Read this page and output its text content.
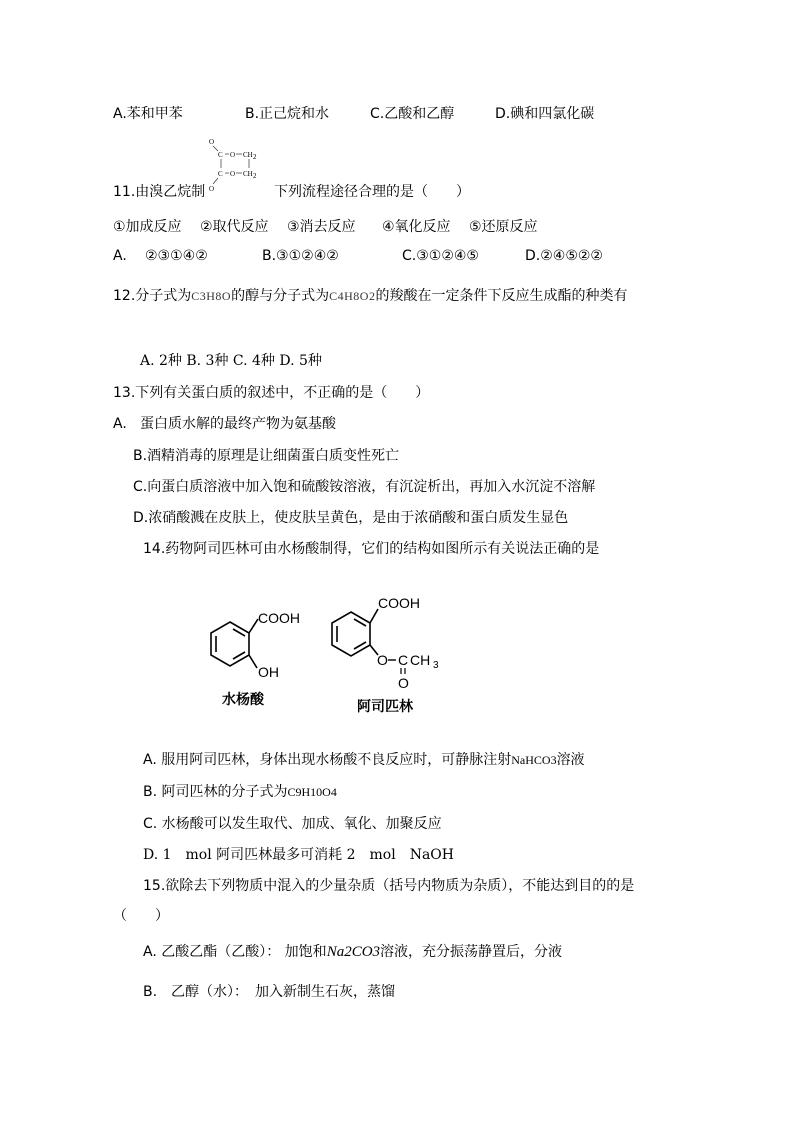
A.苯和甲苯	B.正己烷和水	C.乙酸和乙醇	D.碘和四氯化碳
11.由溴乙烷制
O
C O CH 2
C O CH 2
O	下列流程途径合理的是（　　）
①加成反应 ②取代反应 ③消去反应 ④氧化反应 ⑤还原反应
A. ②③①④②	B.③①②④②	C.③①②④⑤	D.②④⑤②②
12.分子式为C3H8O的醇与分子式为C4H8O2的羧酸在一定条件下反应生成酯的种类有
A. 2种 B. 3种 C. 4种 D. 5种
13.下列有关蛋白质的叙述中，不正确的是（　　）
A. 蛋白质水解的最终产物为氨基酸
B.酒精消毒的原理是让细菌蛋白质变性死亡
C.向蛋白质溶液中加入饱和硫酸铵溶液，有沉淀析出，再加入水沉淀不溶解
D.浓硝酸溅在皮肤上，使皮肤呈黄色，是由于浓硝酸和蛋白质发生显色
14.药物阿司匹林可由水杨酸制得，它们的结构如图所示有关说法正确的是
COOH
OH
COOH
O C CH 3
O
水杨酸	阿司匹林
A. 服用阿司匹林，身体出现水杨酸不良反应时，可静脉注射NaHCO3溶液
B. 阿司匹林的分子式为C9H10O4
C. 水杨酸可以发生取代、加成、氧化、加聚反应
D. 1　mol 阿司匹林最多可消耗 2　mol　NaOH
15.欲除去下列物质中混入的少量杂质（括号内物质为杂质），不能达到目的的是
（　　）
A. 乙酸乙酯（乙酸）： 加饱和Na2CO3溶液，充分振荡静置后，分液
B.　乙醇（水）：　加入新制生石灰，蒸馏
